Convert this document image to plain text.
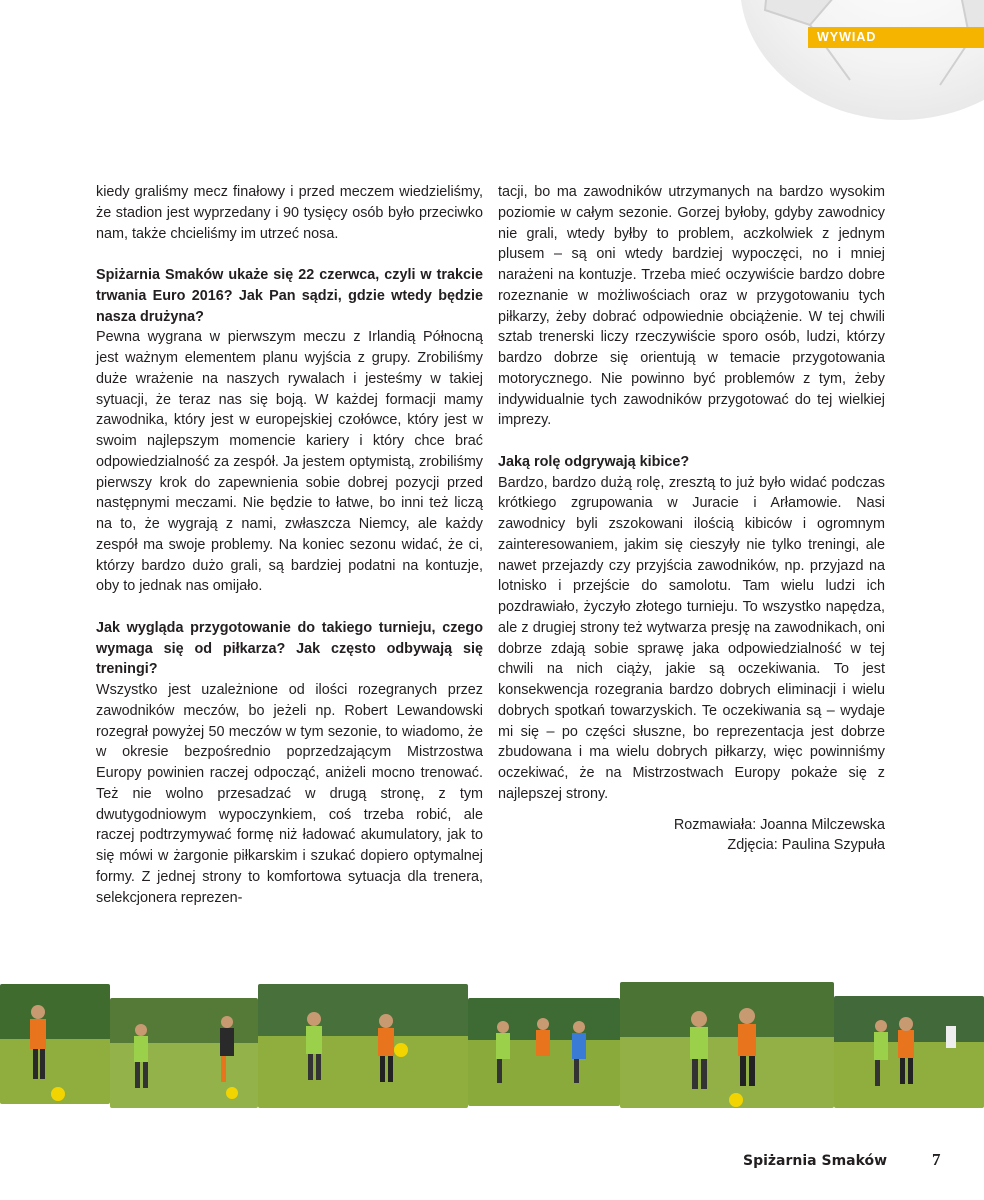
WYWIAD

kiedy graliśmy mecz finałowy i przed meczem wiedzieliśmy, że stadion jest wyprzedany i 90 tysięcy osób było przeciwko nam, także chcieliśmy im utrzeć nosa.

Spiżarnia Smaków ukaże się 22 czerwca, czyli w trakcie trwania Euro 2016? Jak Pan sądzi, gdzie wtedy będzie nasza drużyna?

Pewna wygrana w pierwszym meczu z Irlandią Północną jest ważnym elementem planu wyjścia z grupy. Zrobiliśmy duże wrażenie na naszych rywalach i jesteśmy w takiej sytuacji, że teraz nas się boją. W każdej formacji mamy zawodnika, który jest w europejskiej czołówce, który jest w swoim najlepszym momencie kariery i który chce brać odpowiedzialność za zespół. Ja jestem optymistą, zrobiliśmy pierwszy krok do zapewnienia sobie dobrej pozycji przed następnymi meczami. Nie będzie to łatwe, bo inni też liczą na to, że wygrają z nami, zwłaszcza Niemcy, ale każdy zespół ma swoje problemy. Na koniec sezonu widać, że ci, którzy bardzo dużo grali, są bardziej podatni na kontuzje, oby to jednak nas omijało.

Jak wygląda przygotowanie do takiego turnieju, czego wymaga się od piłkarza? Jak często odbywają się treningi?

Wszystko jest uzależnione od ilości rozegranych przez zawodników meczów, bo jeżeli np. Robert Lewandowski rozegrał powyżej 50 meczów w tym sezonie, to wiadomo, że w okresie bezpośrednio poprzedzającym Mistrzostwa Europy powinien raczej odpocząć, aniżeli mocno trenować. Też nie wolno przesadzać w drugą stronę, z tym dwutygodniowym wypoczynkiem, coś trzeba robić, ale raczej podtrzymywać formę niż ładować akumulatory, jak to się mówi w żargonie piłkarskim i szukać dopiero optymalnej formy. Z jednej strony to komfortowa sytuacja dla trenera, selekcjonera reprezen-

tacji, bo ma zawodników utrzymanych na bardzo wysokim poziomie w całym sezonie. Gorzej byłoby, gdyby zawodnicy nie grali, wtedy byłby to problem, aczkolwiek z jednym plusem – są oni wtedy bardziej wypoczęci, no i mniej narażeni na kontuzje. Trzeba mieć oczywiście bardzo dobre rozeznanie w możliwościach oraz w przygotowaniu tych piłkarzy, żeby dobrać odpowiednie obciążenie. W tej chwili sztab trenerski liczy rzeczywiście sporo osób, ludzi, którzy bardzo dobrze się orientują w temacie przygotowania motorycznego. Nie powinno być problemów z tym, żeby indywidualnie tych zawodników przygotować do tej wielkiej imprezy.

Jaką rolę odgrywają kibice?

Bardzo, bardzo dużą rolę, zresztą to już było widać podczas krótkiego zgrupowania w Juracie i Arłamowie. Nasi zawodnicy byli zszokowani ilością kibiców i ogromnym zainteresowaniem, jakim się cieszyły nie tylko treningi, ale nawet przejazdy czy przyjścia zawodników, np. przyjazd na lotnisko i przejście do samolotu. Tam wielu ludzi ich pozdrawiało, życzyło złotego turnieju. To wszystko napędza, ale z drugiej strony też wytwarza presję na zawodnikach, oni dobrze zdają sobie sprawę jaka odpowiedzialność w tej chwili na nich ciąży, jakie są oczekiwania. To jest konsekwencja rozegrania bardzo dobrych eliminacji i wielu dobrych spotkań towarzyskich. Te oczekiwania są – wydaje mi się – po części słuszne, bo reprezentacja jest dobrze zbudowana i ma wielu dobrych piłkarzy, więc powinniśmy oczekiwać, że na Mistrzostwach Europy pokaże się z najlepszej strony.

Rozmawiała: Joanna Milczewska

Zdjęcia: Paulina Szypuła

Spiżarnia Smaków	7
